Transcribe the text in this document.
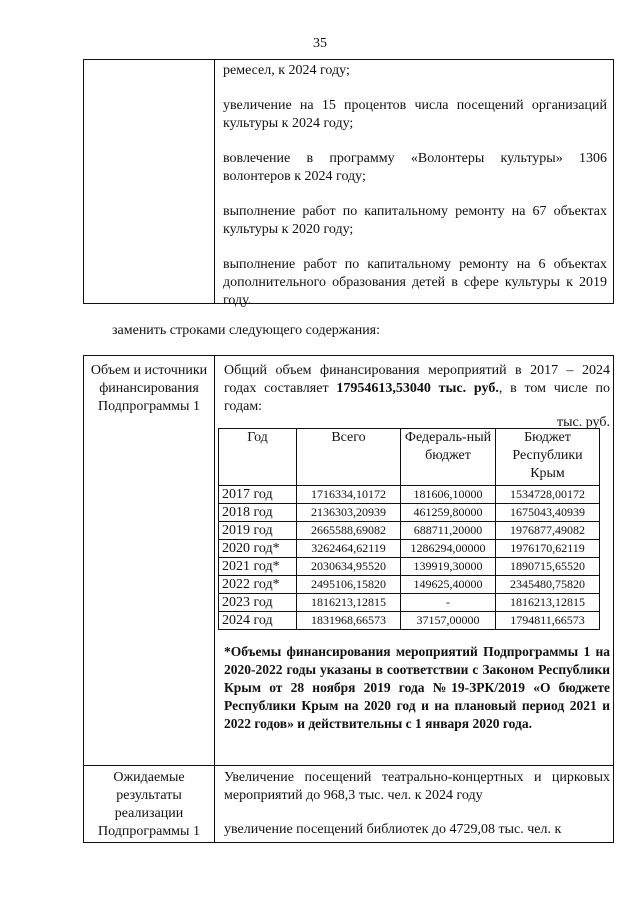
35

ремесел, к 2024 году;

увеличение на 15 процентов числа посещений организаций культуры к 2024 году;

вовлечение в программу «Волонтеры культуры» 1306 волонтеров к 2024 году;

выполнение работ по капитальному ремонту на 67 объектах культуры к 2020 году;

выполнение работ по капитальному ремонту на 6 объектах дополнительного образования детей в сфере культуры к 2019 году.

заменить строками следующего содержания:
Объем и источники финансирования Подпрограммы 1
Общий объем финансирования мероприятий в 2017 – 2024 годах составляет 17954613,53040 тыс. руб., в том числе по годам:
тыс. руб.
Год	Всего	Федераль-ный бюджет	Бюджет Республики Крым
2017 год	1716334,10172	181606,10000	1534728,00172
2018 год	2136303,20939	461259,80000	1675043,40939
2019 год	2665588,69082	688711,20000	1976877,49082
2020 год*	3262464,62119	1286294,00000	1976170,62119
2021 год*	2030634,95520	139919,30000	1890715,65520
2022 год*	2495106,15820	149625,40000	2345480,75820
2023 год	1816213,12815	-	1816213,12815
2024 год	1831968,66573	37157,00000	1794811,66573
*Объемы финансирования мероприятий Подпрограммы 1 на 2020-2022 годы указаны в соответствии с Законом Республики Крым от 28 ноября 2019 года №19-ЗРК/2019 «О бюджете Республики Крым на 2020 год и на плановый период 2021 и 2022 годов» и действительны с 1 января 2020 года.
Ожидаемые результаты реализации Подпрограммы 1
Увеличение посещений театрально-концертных и цирковых мероприятий до 968,3 тыс. чел. к 2024 году
увеличение посещений библиотек до 4729,08 тыс. чел. к
